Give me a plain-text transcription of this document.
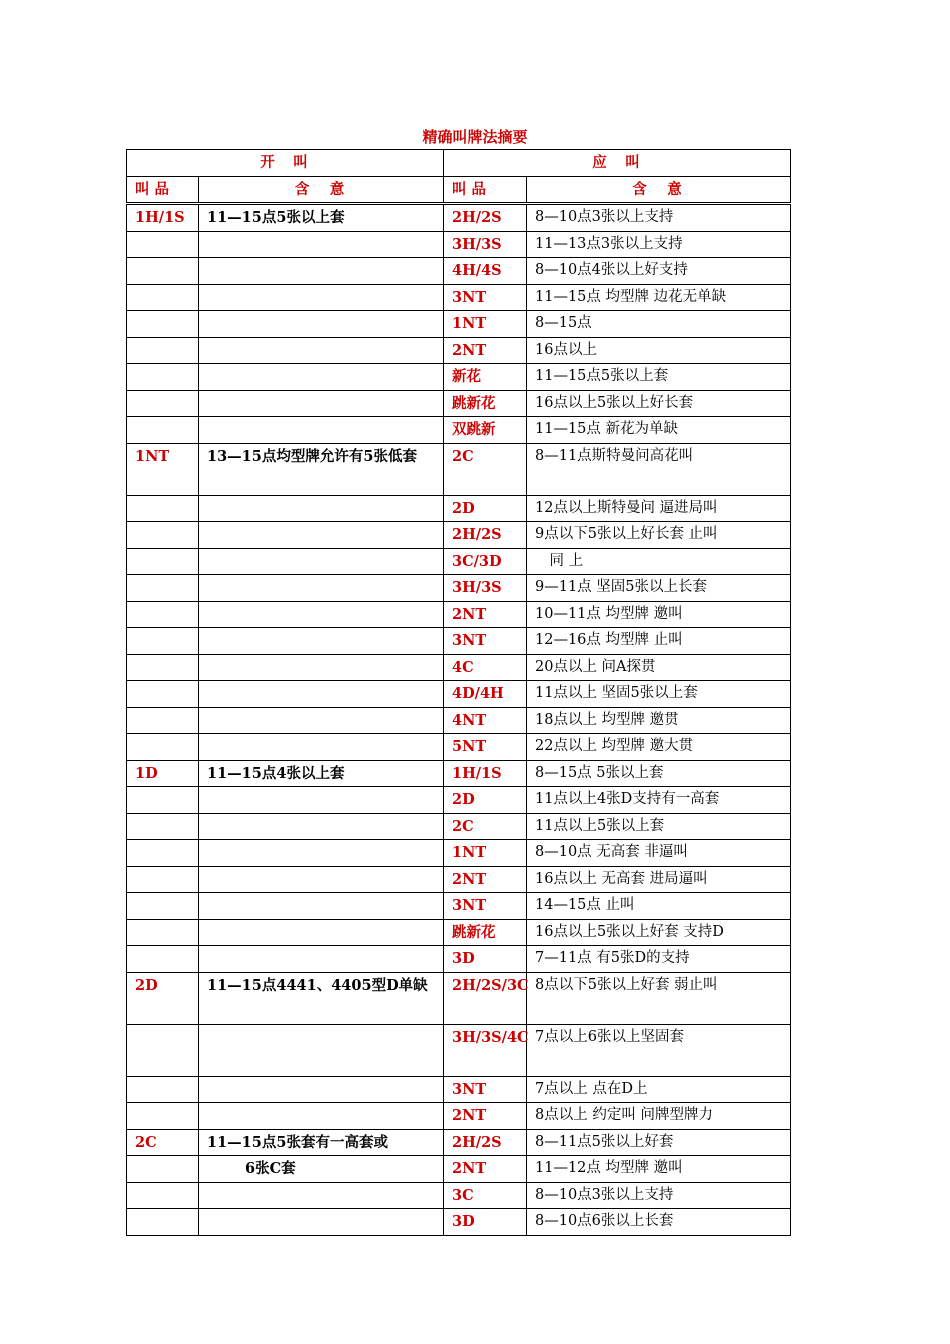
精确叫牌法摘要
开　叫		应　叫	
叫 品	含　意	叫 品	含　意
1H/1S	11—15点5张以上套	2H/2S	8—10点3张以上支持
		3H/3S	11—13点3张以上支持
		4H/4S	8—10点4张以上好支持
		3NT	11—15点 均型牌 边花无单缺
		1NT	8—15点
		2NT	16点以上
		新花	11—15点5张以上套
		跳新花	16点以上5张以上好长套
		双跳新	11—15点 新花为单缺
1NT	13—15点均型牌允许有5张低套	2C	8—11点斯特曼问高花叫
		2D	12点以上斯特曼问 逼进局叫
		2H/2S	9点以下5张以上好长套 止叫
		3C/3D	　同 上
		3H/3S	9—11点 坚固5张以上长套
		2NT	10—11点 均型牌 邀叫
		3NT	12—16点 均型牌 止叫
		4C	20点以上 问A探贯
		4D/4H	11点以上 坚固5张以上套
		4NT	18点以上 均型牌 邀贯
		5NT	22点以上 均型牌 邀大贯
1D	11—15点4张以上套	1H/1S	8—15点 5张以上套
		2D	11点以上4张D支持有一高套
		2C	11点以上5张以上套
		1NT	8—10点 无高套 非逼叫
		2NT	16点以上 无高套 进局逼叫
		3NT	14—15点 止叫
		跳新花	16点以上5张以上好套 支持D
		3D	7—11点 有5张D的支持
2D	11—15点4441、4405型D单缺	2H/2S/3C	8点以下5张以上好套 弱止叫
		3H/3S/4C	7点以上6张以上坚固套
		3NT	7点以上 点在D上
		2NT	8点以上 约定叫 问牌型牌力
2C	11—15点5张套有一高套或	2H/2S	8—11点5张以上好套
	6张C套	2NT	11—12点 均型牌 邀叫
		3C	8—10点3张以上支持
		3D	8—10点6张以上长套
